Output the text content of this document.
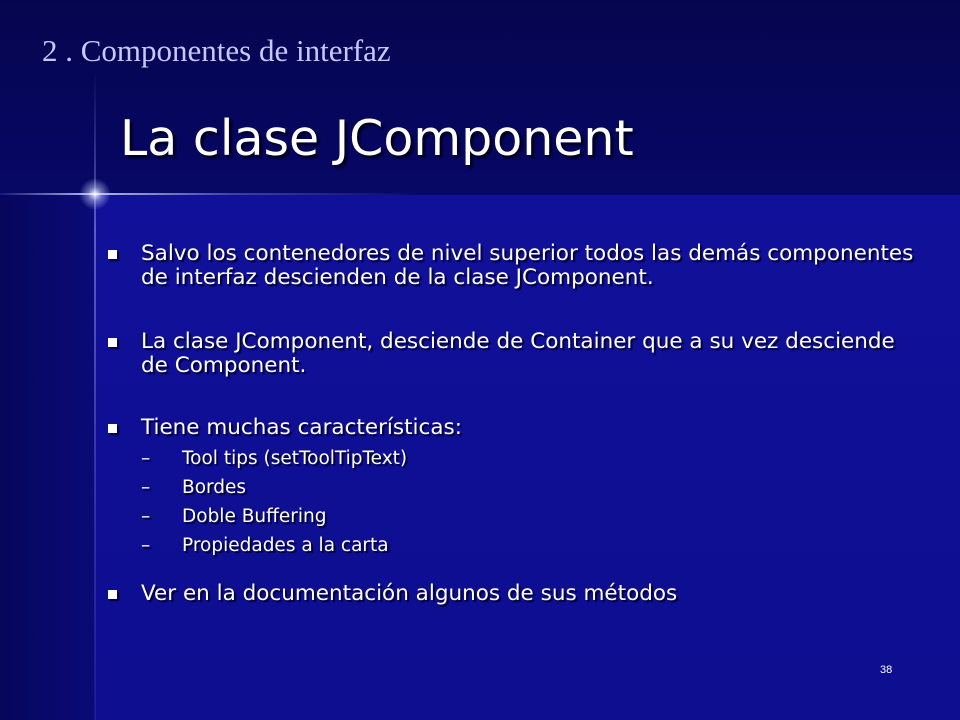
2 . Componentes de interfaz
La clase JComponent
Salvo los contenedores de nivel superior todos las demás componentes de interfaz descienden de la clase JComponent.
La clase JComponent, desciende de Container que a su vez desciende de Component.
Tiene muchas características:
– Tool tips (setToolTipText)
– Bordes
– Doble Buffering
– Propiedades a la carta
Ver en la documentación algunos de sus métodos
38
